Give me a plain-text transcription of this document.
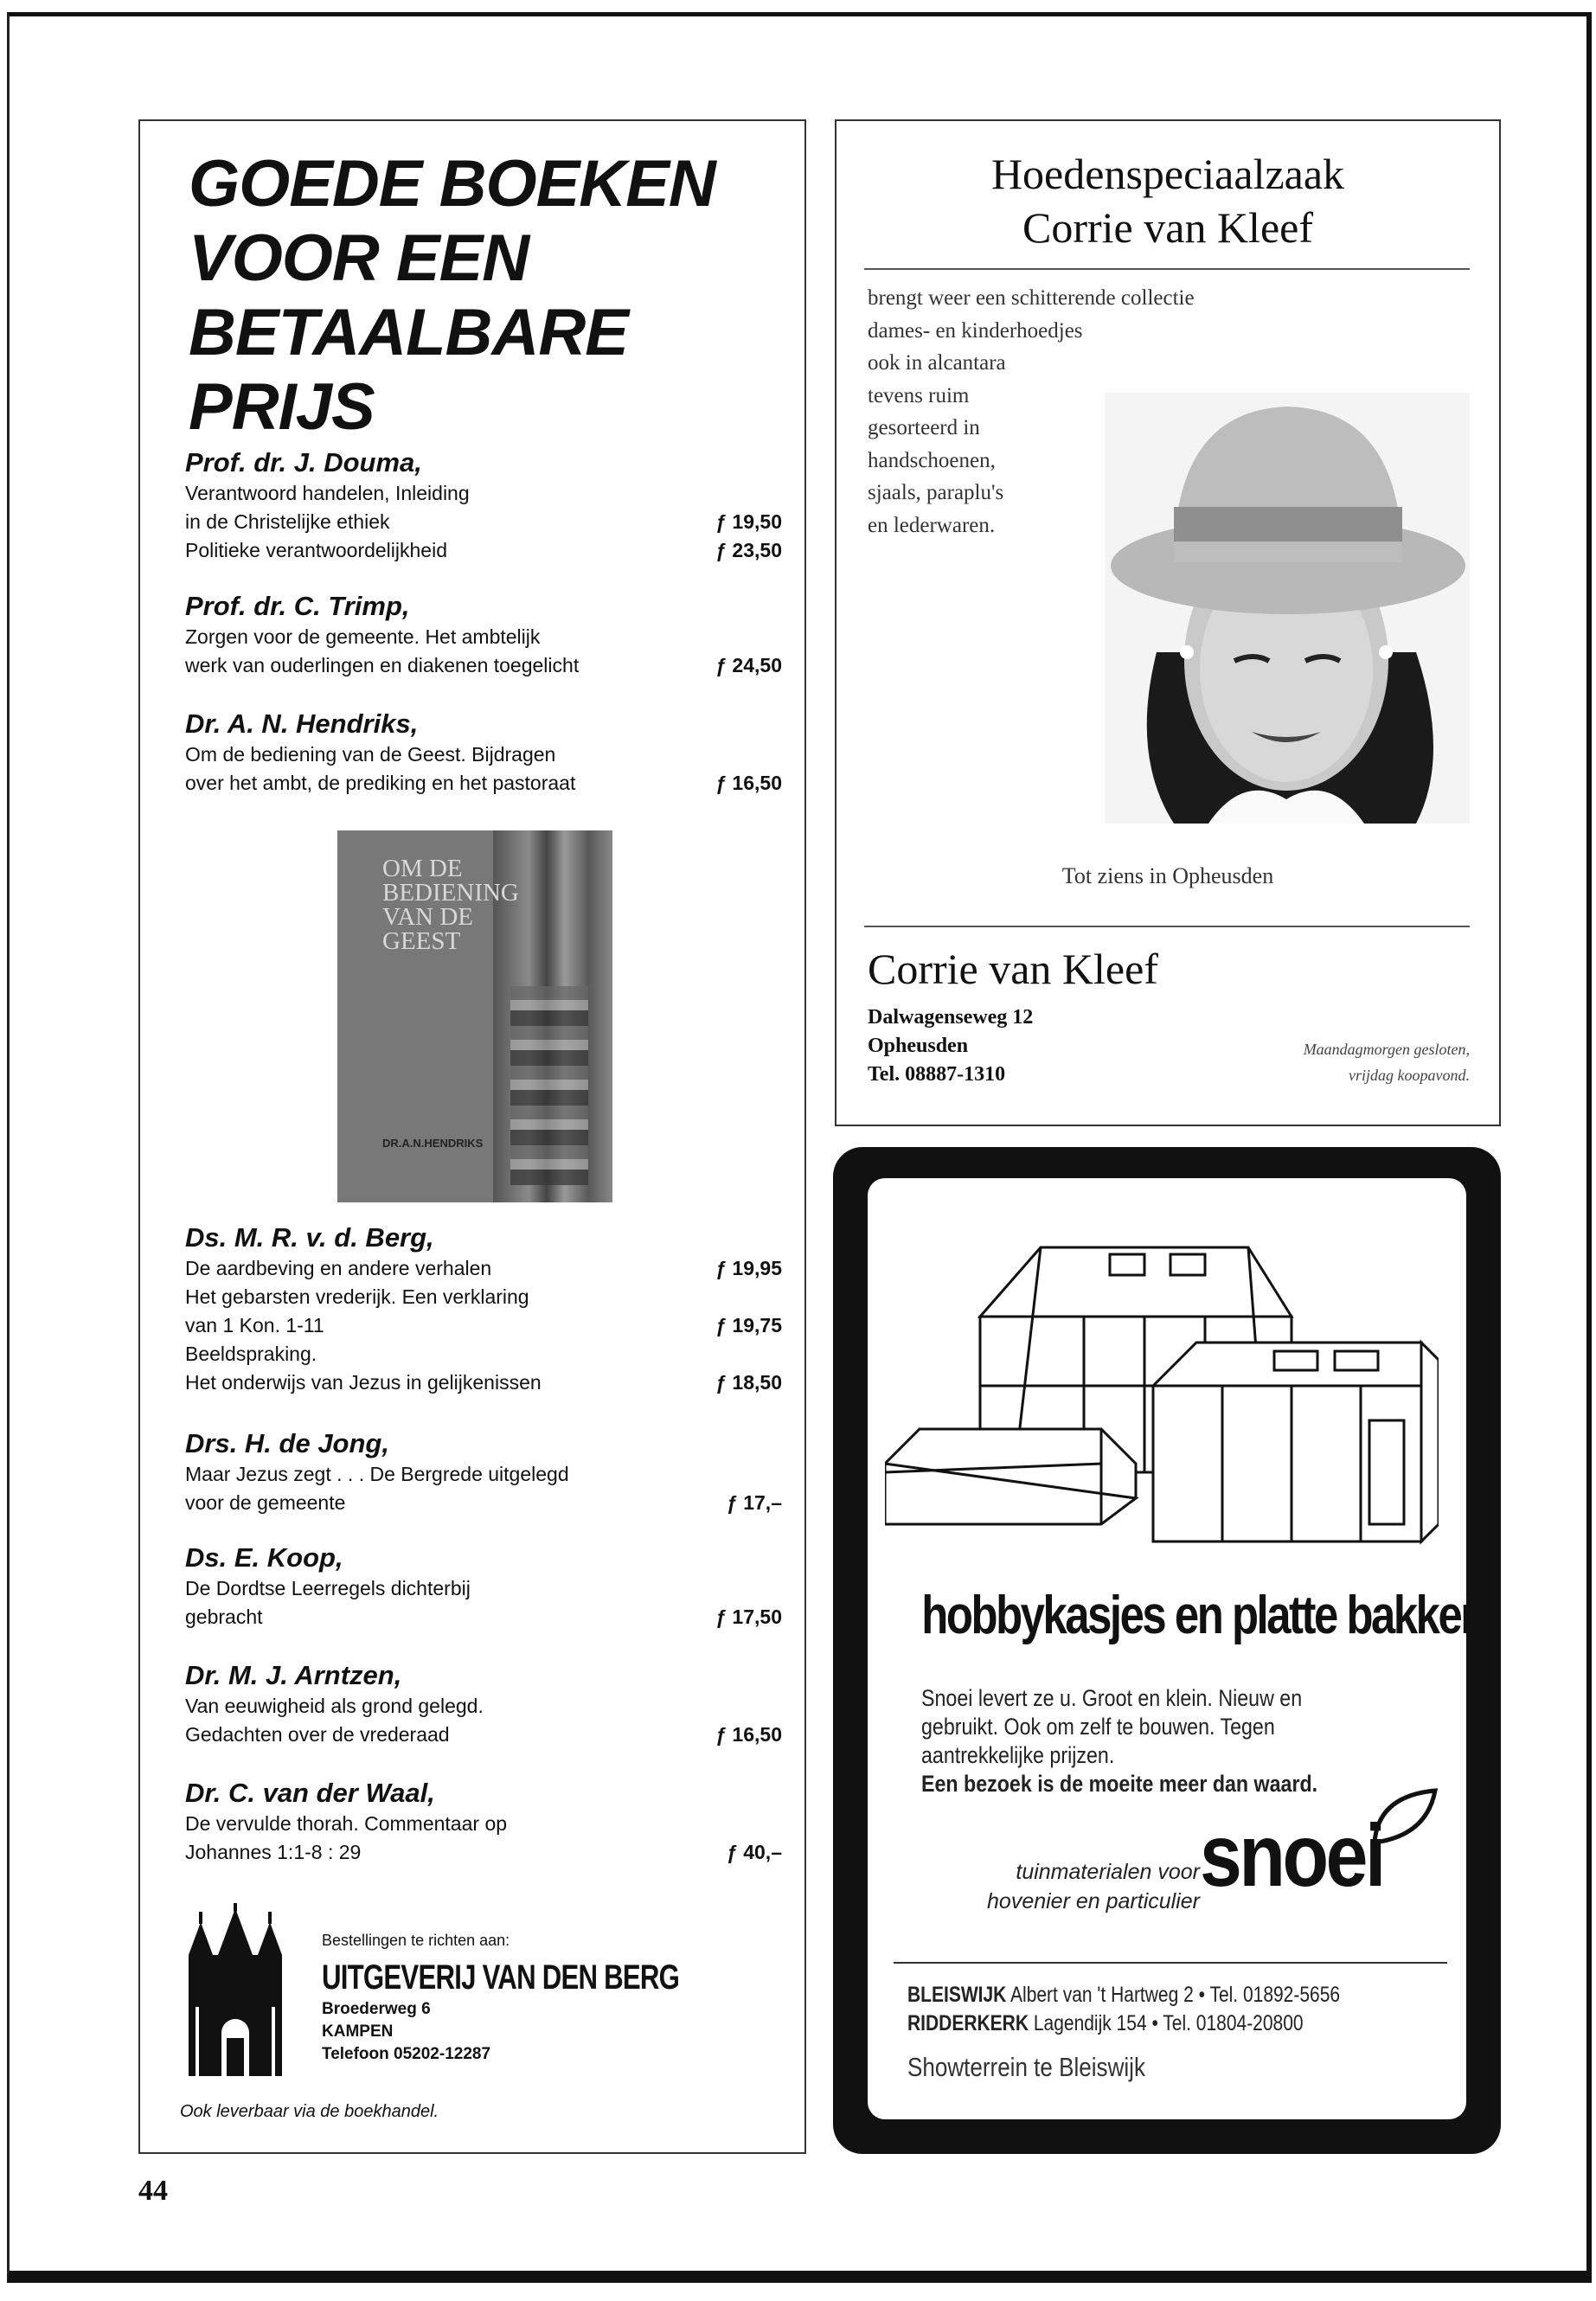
GOEDE BOEKEN
VOOR EEN
BETAALBARE
PRIJS
Prof. dr. J. Douma,
Verantwoord handelen, Inleiding
in de Christelijke ethiek	ƒ 19,50
Politieke verantwoordelijkheid	ƒ 23,50
Prof. dr. C. Trimp,
Zorgen voor de gemeente. Het ambtelijk
werk van ouderlingen en diakenen toegelicht	ƒ 24,50
Dr. A. N. Hendriks,
Om de bediening van de Geest. Bijdragen
over het ambt, de prediking en het pastoraat	ƒ 16,50
OM DE
BEDIENING
VAN DE
GEEST
DR.A.N.HENDRIKS
Ds. M. R. v. d. Berg,
De aardbeving en andere verhalen	ƒ 19,95
Het gebarsten vrederijk. Een verklaring
van 1 Kon. 1-11	ƒ 19,75
Beeldspraking.
Het onderwijs van Jezus in gelijkenissen	ƒ 18,50
Drs. H. de Jong,
Maar Jezus zegt . . . De Bergrede uitgelegd
voor de gemeente	ƒ 17,–
Ds. E. Koop,
De Dordtse Leerregels dichterbij
gebracht	ƒ 17,50
Dr. M. J. Arntzen,
Van eeuwigheid als grond gelegd.
Gedachten over de vrederaad	ƒ 16,50
Dr. C. van der Waal,
De vervulde thorah. Commentaar op
Johannes 1:1-8 : 29	ƒ 40,–
Bestellingen te richten aan:
UITGEVERIJ VAN DEN BERG
Broederweg 6
KAMPEN
Telefoon 05202-12287
Ook leverbaar via de boekhandel.
Hoedenspeciaalzaak
Corrie van Kleef
brengt weer een schitterende collectie
dames- en kinderhoedjes
ook in alcantara
tevens ruim
gesorteerd in
handschoenen,
sjaals, paraplu's
en lederwaren.
Tot ziens in Opheusden
Corrie van Kleef
Dalwagenseweg 12
Opheusden
Tel. 08887-1310
Maandagmorgen gesloten,
vrijdag koopavond.
hobbykasjes en platte bakken
Snoei levert ze u. Groot en klein. Nieuw en
gebruikt. Ook om zelf te bouwen. Tegen
aantrekkelijke prijzen.
Een bezoek is de moeite meer dan waard.
tuinmaterialen voor
hovenier en particulier snoei
BLEISWIJK Albert van 't Hartweg 2 • Tel. 01892-5656
RIDDERKERK Lagendijk 154 • Tel. 01804-20800
Showterrein te Bleiswijk
44
